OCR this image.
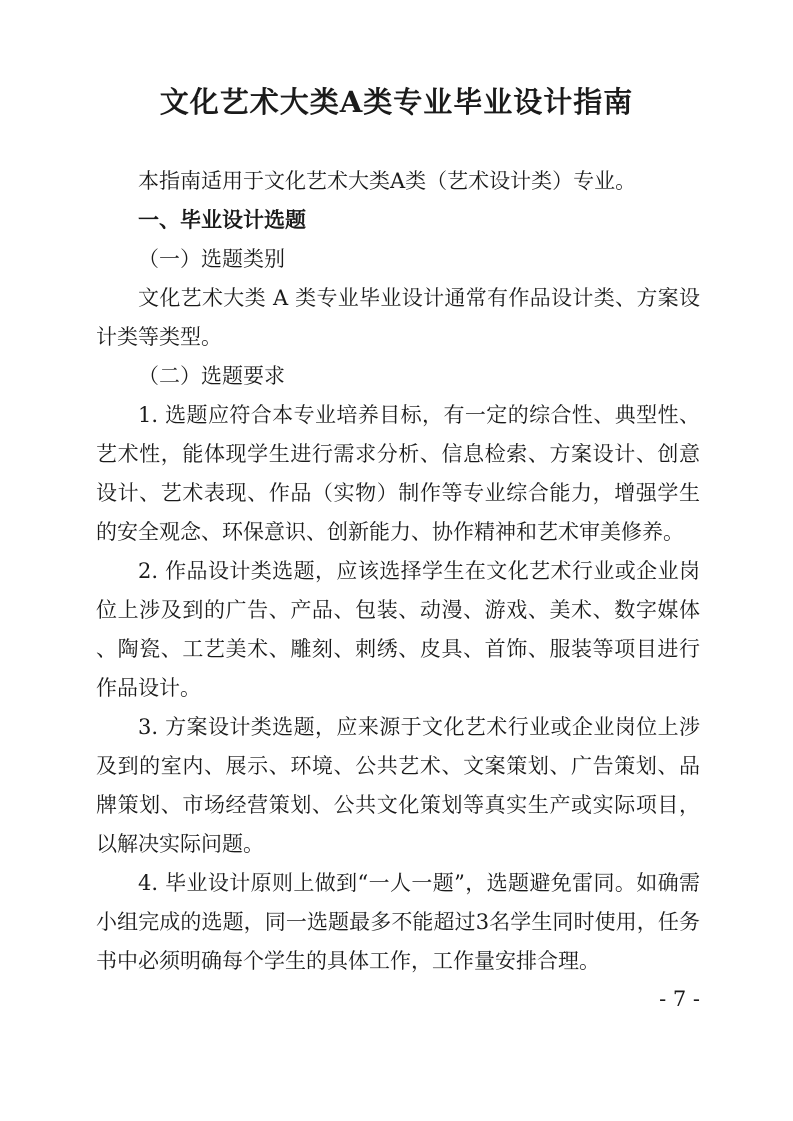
文化艺术大类A类专业毕业设计指南

本指南适用于文化艺术大类A类（艺术设计类）专业。

一、毕业设计选题

（一）选题类别

文化艺术大类 A 类专业毕业设计通常有作品设计类、方案设计类等类型。

（二）选题要求

1. 选题应符合本专业培养目标，有一定的综合性、典型性、艺术性，能体现学生进行需求分析、信息检索、方案设计、创意设计、艺术表现、作品（实物）制作等专业综合能力，增强学生的安全观念、环保意识、创新能力、协作精神和艺术审美修养。

2. 作品设计类选题，应该选择学生在文化艺术行业或企业岗位上涉及到的广告、产品、包装、动漫、游戏、美术、数字媒体、陶瓷、工艺美术、雕刻、刺绣、皮具、首饰、服装等项目进行作品设计。

3. 方案设计类选题，应来源于文化艺术行业或企业岗位上涉及到的室内、展示、环境、公共艺术、文案策划、广告策划、品牌策划、市场经营策划、公共文化策划等真实生产或实际项目，以解决实际问题。

4. 毕业设计原则上做到“一人一题”，选题避免雷同。如确需小组完成的选题，同一选题最多不能超过3名学生同时使用，任务书中必须明确每个学生的具体工作，工作量安排合理。

- 7 -
